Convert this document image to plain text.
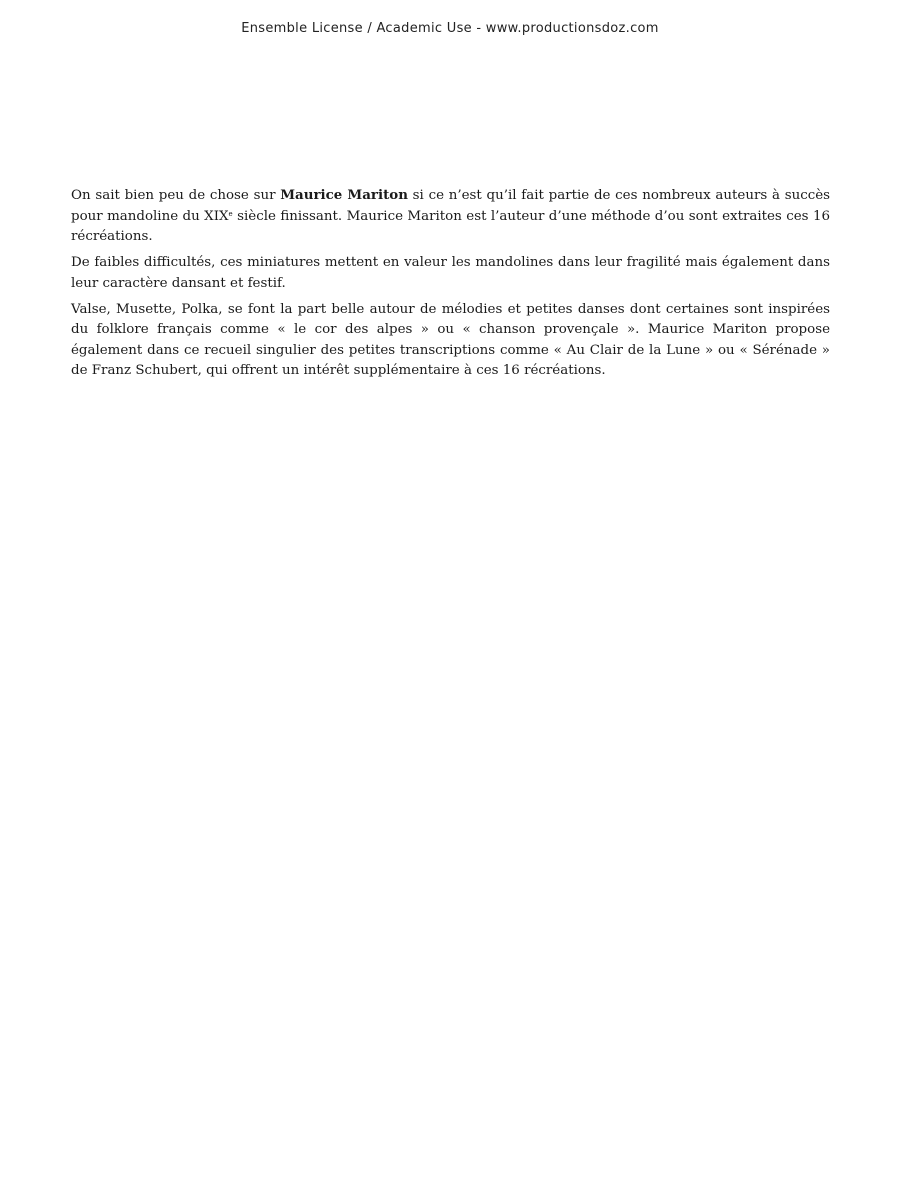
Ensemble License / Academic Use - www.productionsdoz.com

On sait bien peu de chose sur Maurice Mariton si ce n’est qu’il fait partie de ces nombreux auteurs à succès pour mandoline du XIXe siècle finissant. Maurice Mariton est l’auteur d’une méthode d’ou sont extraites ces 16 récréations.

De faibles difficultés, ces miniatures mettent en valeur les mandolines dans leur fragilité mais également dans leur caractère dansant et festif.

Valse, Musette, Polka, se font la part belle autour de mélodies et petites danses dont certaines sont inspirées du folklore français comme « le cor des alpes » ou « chanson provençale ». Maurice Mariton propose également dans ce recueil singulier des petites transcriptions comme « Au Clair de la Lune » ou « Sérénade » de Franz Schubert, qui offrent un intérêt supplémentaire à ces 16 récréations.
